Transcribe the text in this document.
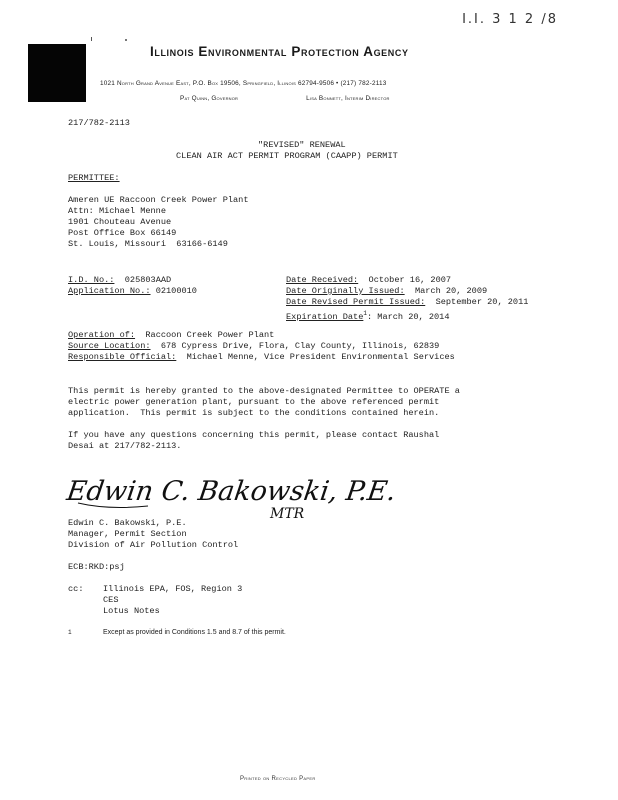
I.I. 3 1 2 /8
Illinois Environmental Protection Agency
1021 North Grand Avenue East, P.O. Box 19506, Springfield, Illinois 62794-9506 • (217) 782-2113
Pat Quinn, Governor	Lisa Bonnett, Interim Director
217/782-2113
"REVISED" RENEWAL
CLEAN AIR ACT PERMIT PROGRAM (CAAPP) PERMIT
PERMITTEE:
Ameren UE Raccoon Creek Power Plant
Attn: Michael Menne
1901 Chouteau Avenue
Post Office Box 66149
St. Louis, Missouri  63166-6149
I.D. No.: 025803AAD
Application No.: 02100010
Date Received: October 16, 2007
Date Originally Issued: March 20, 2009
Date Revised Permit Issued: September 20, 2011
Expiration Date$^1$: March 20, 2014
Operation of: Raccoon Creek Power Plant
Source Location: 678 Cypress Drive, Flora, Clay County, Illinois, 62839
Responsible Official: Michael Menne, Vice President Environmental Services
This permit is hereby granted to the above-designated Permittee to OPERATE a
electric power generation plant, pursuant to the above referenced permit
application.  This permit is subject to the conditions contained herein.
If you have any questions concerning this permit, please contact Raushal
Desai at 217/782-2113.
Edwin C. Bakowski, P.E.
MTR
Edwin C. Bakowski, P.E.
Manager, Permit Section
Division of Air Pollution Control
ECB:RKD:psj
cc: Illinois EPA, FOS, Region 3
CES
Lotus Notes
1	Except as provided in Conditions 1.5 and 8.7 of this permit.
Printed on Recycled Paper
